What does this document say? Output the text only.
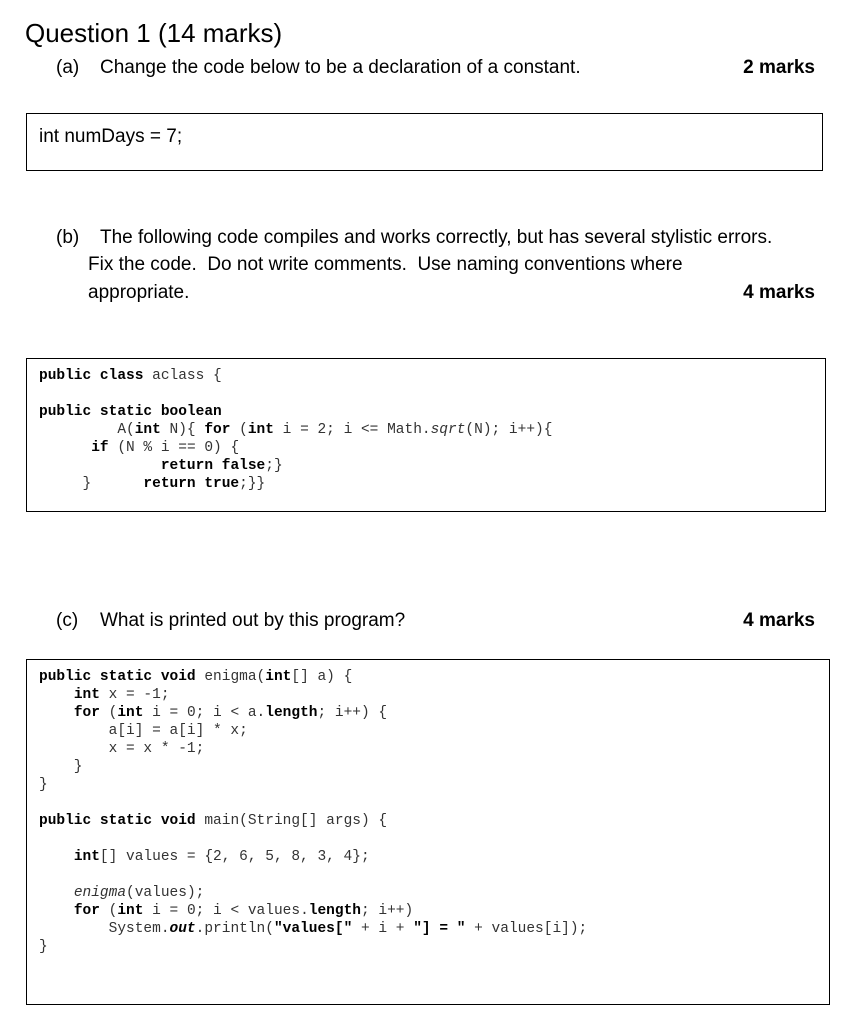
Question 1 (14 marks)
(a) Change the code below to be a declaration of a constant.	2 marks
int numDays = 7;
(b) The following code compiles and works correctly, but has several stylistic errors.
Fix the code.  Do not write comments.  Use naming conventions where
appropriate.	4 marks
public class aclass {

public static boolean
A(int N){ for (int i = 2; i <= Math.sqrt(N); i++){
if (N % i == 0) {
return false;}
}      return true;}}
(c) What is printed out by this program?	4 marks
public static void enigma(int[] a) {
int x = -1;
for (int i = 0; i < a.length; i++) {
a[i] = a[i] * x;
x = x * -1;
}
}

public static void main(String[] args) {

int[] values = {2, 6, 5, 8, 3, 4};

enigma(values);
for (int i = 0; i < values.length; i++)
System.out.println("values[" + i + "] = " + values[i]);
}
